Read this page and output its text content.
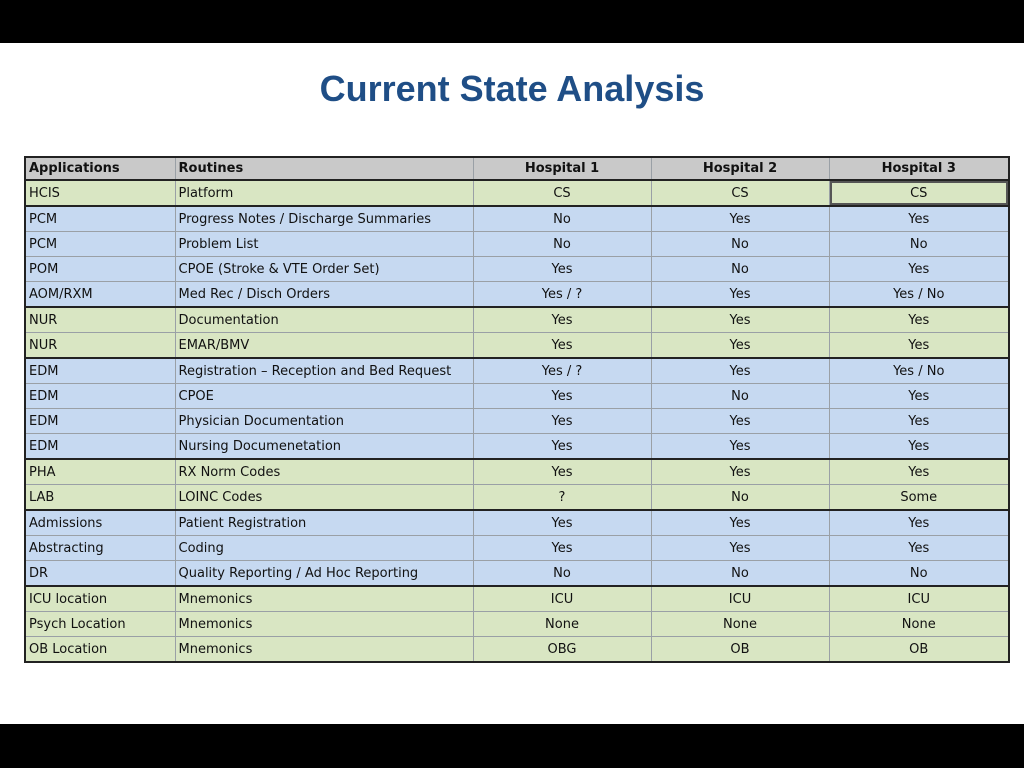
Current State Analysis
Applications	Routines	Hospital 1	Hospital 2	Hospital 3
HCIS	Platform	CS	CS	CS
PCM	Progress Notes / Discharge Summaries	No	Yes	Yes
PCM	Problem List	No	No	No
POM	CPOE (Stroke & VTE Order Set)	Yes	No	Yes
AOM/RXM	Med Rec / Disch Orders	Yes / ?	Yes	Yes / No
NUR	Documentation	Yes	Yes	Yes
NUR	EMAR/BMV	Yes	Yes	Yes
EDM	Registration – Reception and Bed Request	Yes / ?	Yes	Yes / No
EDM	CPOE	Yes	No	Yes
EDM	Physician Documentation	Yes	Yes	Yes
EDM	Nursing Documenetation	Yes	Yes	Yes
PHA	RX Norm Codes	Yes	Yes	Yes
LAB	LOINC Codes	?	No	Some
Admissions	Patient Registration	Yes	Yes	Yes
Abstracting	Coding	Yes	Yes	Yes
DR	Quality Reporting / Ad Hoc Reporting	No	No	No
ICU location	Mnemonics	ICU	ICU	ICU
Psych Location	Mnemonics	None	None	None
OB Location	Mnemonics	OBG	OB	OB
